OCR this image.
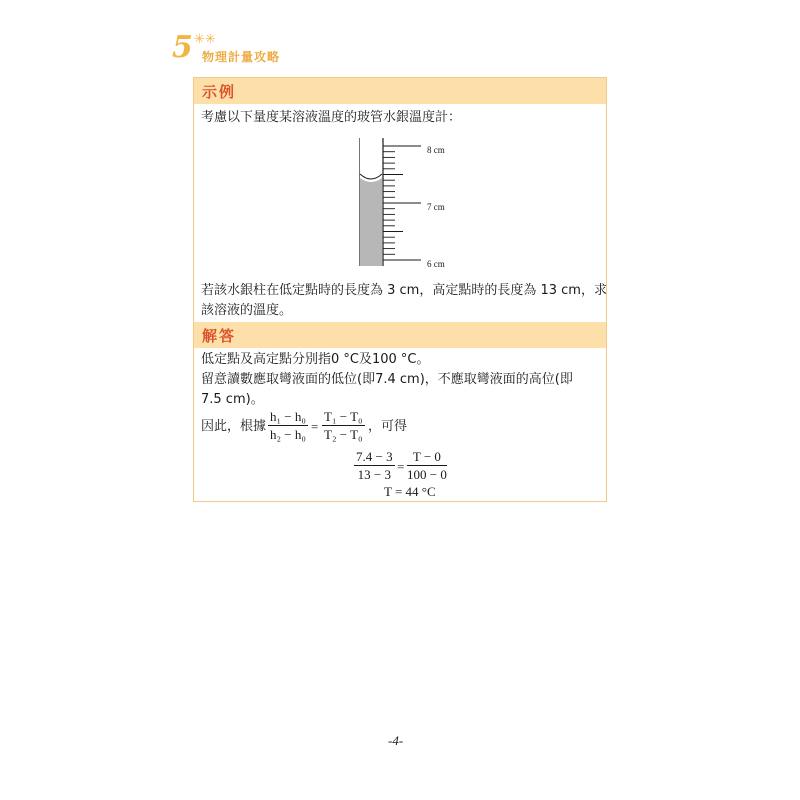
5 ✳✳
物理計量攻略
示例
考慮以下量度某溶液溫度的玻管水銀溫度計：
8 cm
7 cm
6 cm
若該水銀柱在低定點時的長度為 3 cm，高定點時的長度為 13 cm，求
該溶液的溫度。
解答
低定點及高定點分別指0 °C及100 °C。
留意讀數應取彎液面的低位(即7.4 cm)，不應取彎液面的高位(即
7.5 cm)。
因此，根據 $\frac{\text{h₁ − h₀}}{\text{h₂ − h₀}} = \frac{\text{T₁ − T₀}}{\text{T₂ − T₀}}$ ，可得
$\frac{7.4 - 3}{13 - 3} = \frac{T - 0}{100 - 0}$
T = 44 °C
-4-
